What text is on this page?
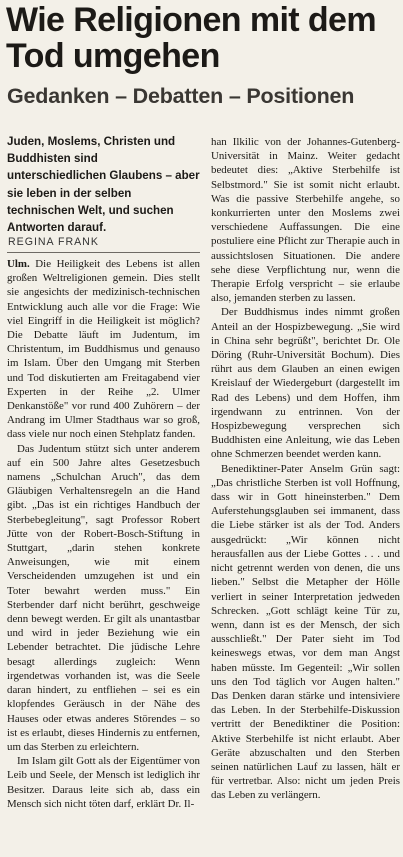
Wie Religionen mit dem Tod umgehen
Gedanken – Debatten – Positionen

Juden, Moslems, Christen und Buddhisten sind unterschiedlichen Glaubens – aber sie leben in der selben technischen Welt, und suchen Antworten darauf.

REGINA FRANK

Ulm. Die Heiligkeit des Lebens ist allen großen Weltreligionen gemein. Dies stellt sie angesichts der medizinisch-technischen Entwicklung auch alle vor die Frage: Wie viel Eingriff in die Heiligkeit ist möglich? Die Debatte läuft im Judentum, im Christentum, im Buddhismus und genauso im Islam. Über den Umgang mit Sterben und Tod diskutierten am Freitagabend vier Experten in der Reihe „2. Ulmer Denkanstöße" vor rund 400 Zuhörern – der Andrang im Ulmer Stadthaus war so groß, dass viele nur noch einen Stehplatz fanden.

Das Judentum stützt sich unter anderem auf ein 500 Jahre altes Gesetzesbuch namens „Schulchan Aruch", das dem Gläubigen Verhaltensregeln an die Hand gibt. „Das ist ein richtiges Handbuch der Sterbebegleitung", sagt Professor Robert Jütte von der Robert-Bosch-Stiftung in Stuttgart, „darin stehen konkrete Anweisungen, wie mit einem Verscheidenden umzugehen ist und ein Toter bewahrt werden muss." Ein Sterbender darf nicht berührt, geschweige denn bewegt werden. Er gilt als unantastbar und wird in jeder Beziehung wie ein Lebender betrachtet. Die jüdische Lehre besagt allerdings zugleich: Wenn irgendetwas vorhanden ist, was die Seele daran hindert, zu entfliehen – sei es ein klopfendes Geräusch in der Nähe des Hauses oder etwas anderes Störendes – so ist es erlaubt, dieses Hindernis zu entfernen, um das Sterben zu erleichtern.

Im Islam gilt Gott als der Eigentümer von Leib und Seele, der Mensch ist lediglich ihr Besitzer. Daraus leite sich ab, dass ein Mensch sich nicht töten darf, erklärt Dr. Il-

han Ilkilic von der Johannes-Gutenberg-Universität in Mainz. Weiter gedacht bedeutet dies: „Aktive Sterbehilfe ist Selbstmord." Sie ist somit nicht erlaubt. Was die passive Sterbehilfe angehe, so konkurrierten unter den Moslems zwei verschiedene Auffassungen. Die eine postuliere eine Pflicht zur Therapie auch in aussichtslosen Situationen. Die andere sehe diese Verpflichtung nur, wenn die Therapie Erfolg verspricht – sie erlaube also, jemanden sterben zu lassen.

Der Buddhismus indes nimmt großen Anteil an der Hospizbewegung. „Sie wird in China sehr begrüßt", berichtet Dr. Ole Döring (Ruhr-Universität Bochum). Dies rührt aus dem Glauben an einen ewigen Kreislauf der Wiedergeburt (dargestellt im Rad des Lebens) und dem Hoffen, ihm irgendwann zu entrinnen. Von der Hospizbewegung versprechen sich Buddhisten eine Anleitung, wie das Leben ohne Schmerzen beendet werden kann.

Benediktiner-Pater Anselm Grün sagt: „Das christliche Sterben ist voll Hoffnung, dass wir in Gott hineinsterben." Dem Auferstehungsglauben sei immanent, dass die Liebe stärker ist als der Tod. Anders ausgedrückt: „Wir können nicht herausfallen aus der Liebe Gottes . . . und nicht getrennt werden von denen, die uns lieben." Selbst die Metapher der Hölle verliert in seiner Interpretation jedweden Schrecken. „Gott schlägt keine Tür zu, wenn, dann ist es der Mensch, der sich ausschließt." Der Pater sieht im Tod keineswegs etwas, vor dem man Angst haben müsste. Im Gegenteil: „Wir sollen uns den Tod täglich vor Augen halten." Das Denken daran stärke und intensiviere das Leben. In der Sterbehilfe-Diskussion vertritt der Benediktiner die Position: Aktive Sterbehilfe ist nicht erlaubt. Aber Geräte abzuschalten und den Sterben seinen natürlichen Lauf zu lassen, hält er für vertretbar. Also: nicht um jeden Preis das Leben zu verlängern.
